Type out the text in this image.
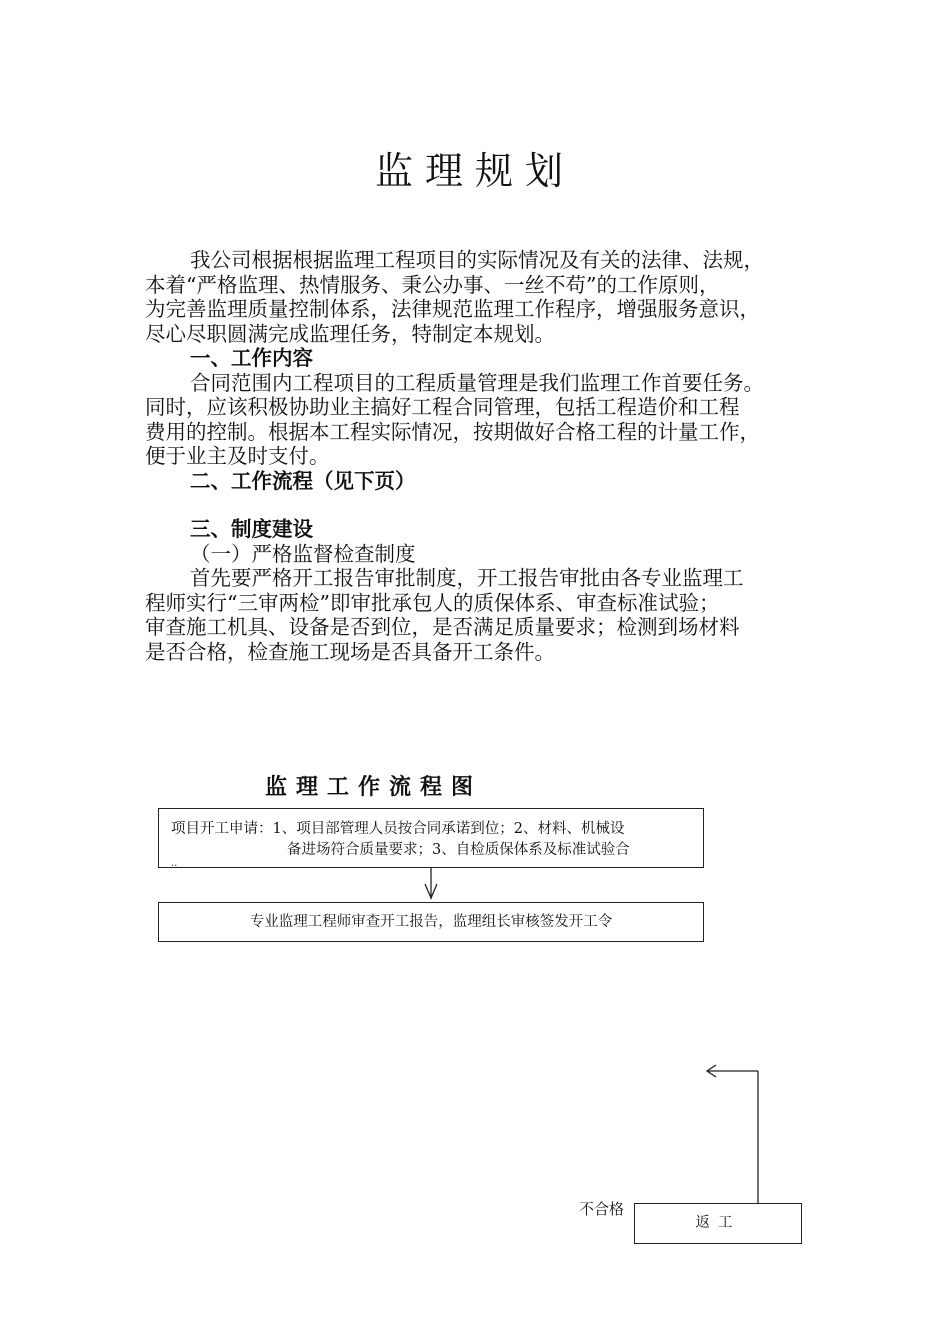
监理规划

我公司根据根据监理工程项目的实际情况及有关的法律、法规，

本着“严格监理、热情服务、秉公办事、一丝不苟”的工作原则，

为完善监理质量控制体系，法律规范监理工作程序，增强服务意识，

尽心尽职圆满完成监理任务，特制定本规划。

一、工作内容

合同范围内工程项目的工程质量管理是我们监理工作首要任务。

同时，应该积极协助业主搞好工程合同管理，包括工程造价和工程

费用的控制。根据本工程实际情况，按期做好合格工程的计量工作，

便于业主及时支付。

二、工作流程（见下页）

三、制度建设

（一）严格监督检查制度

首先要严格开工报告审批制度，开工报告审批由各专业监理工

程师实行“三审两检”即审批承包人的质保体系、审查标准试验；

审查施工机具、设备是否到位，是否满足质量要求；检测到场材料

是否合格，检查施工现场是否具备开工条件。

监理工作流程图
项目开工申请：1、项目部管理人员按合同承诺到位；2、材料、机械设
备进场符合质量要求；3、自检质保体系及标准试验合
..
专业监理工程师审查开工报告，监理组长审核签发开工令
不合格
返工
